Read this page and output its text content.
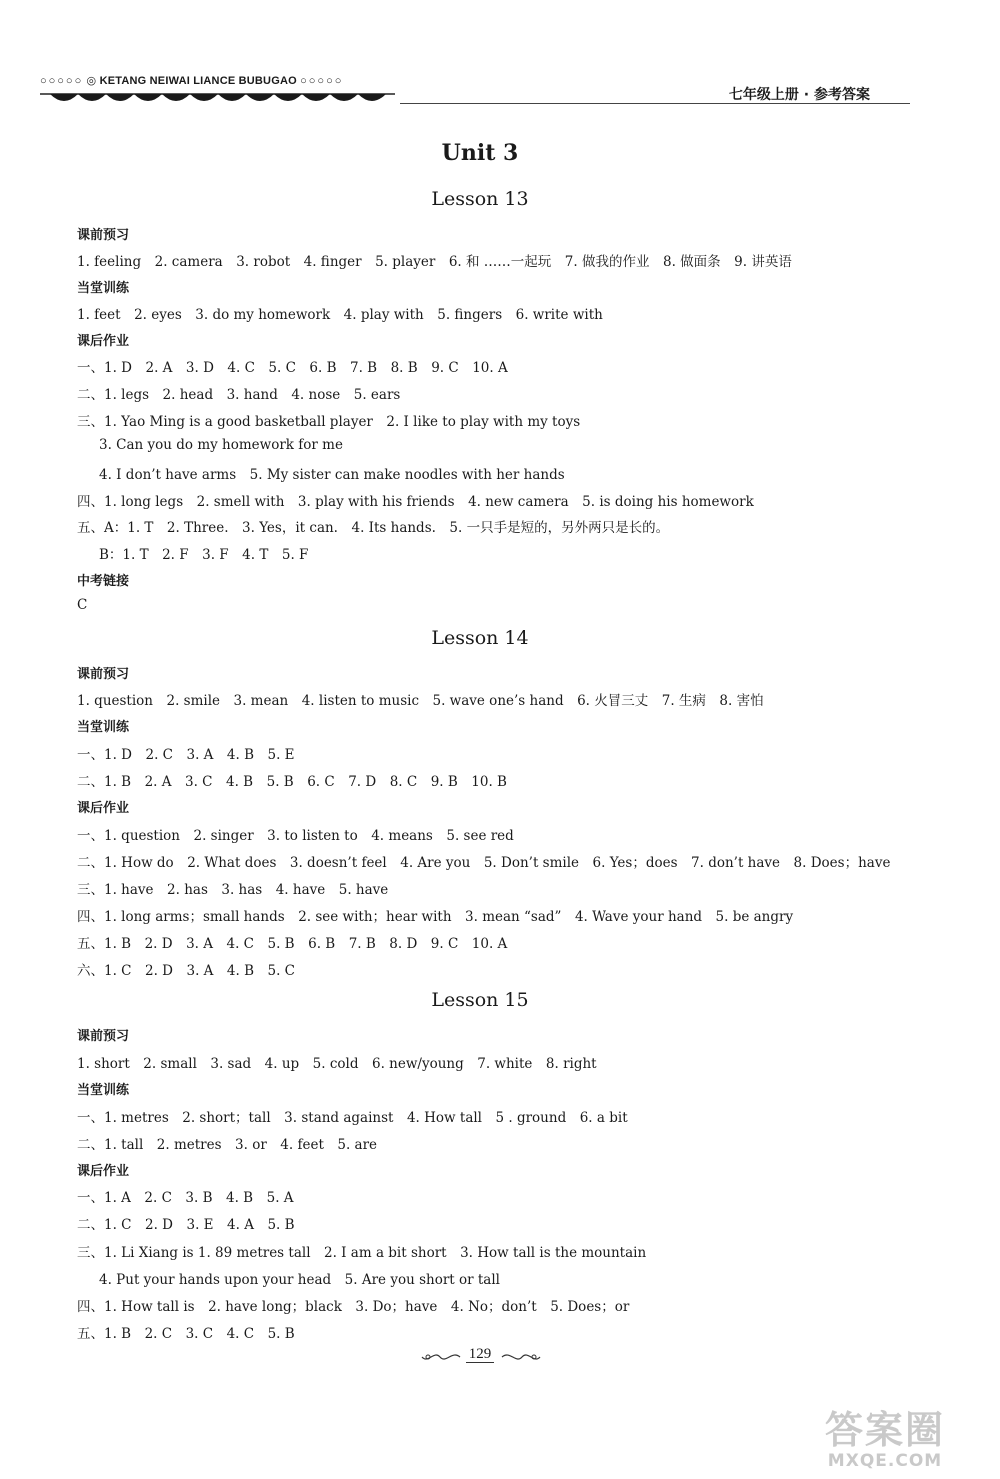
○○○○○ ◎ KETANG NEIWAI LIANCE BUBUGAO ○○○○○
七年级上册 · 参考答案
Unit 3
Lesson 13
课前预习
1. feeling　2. camera　3. robot　4. finger　5. player　6. 和 ……一起玩　7. 做我的作业　8. 做面条　9. 讲英语
当堂训练
1. feet　2. eyes　3. do my homework　4. play with　5. fingers　6. write with
课后作业
一、1. D　2. A　3. D　4. C　5. C　6. B　7. B　8. B　9. C　10. A
二、1. legs　2. head　3. hand　4. nose　5. ears
三、1. Yao Ming is a good basketball player　2. I like to play with my toys
3. Can you do my homework for me
4. I don’t have arms　5. My sister can make noodles with her hands
四、1. long legs　2. smell with　3. play with his friends　4. new camera　5. is doing his homework
五、A：1. T　2. Three.　3. Yes，it can.　4. Its hands.　5. 一只手是短的，另外两只是长的。
B：1. T　2. F　3. F　4. T　5. F
中考链接
C
Lesson 14
课前预习
1. question　2. smile　3. mean　4. listen to music　5. wave one’s hand　6. 火冒三丈　7. 生病　8. 害怕
当堂训练
一、1. D　2. C　3. A　4. B　5. E
二、1. B　2. A　3. C　4. B　5. B　6. C　7. D　8. C　9. B　10. B
课后作业
一、1. question　2. singer　3. to listen to　4. means　5. see red
二、1. How do　2. What does　3. doesn’t feel　4. Are you　5. Don’t smile　6. Yes；does　7. don’t have　8. Does；have
三、1. have　2. has　3. has　4. have　5. have
四、1. long arms；small hands　2. see with；hear with　3. mean “sad”　4. Wave your hand　5. be angry
五、1. B　2. D　3. A　4. C　5. B　6. B　7. B　8. D　9. C　10. A
六、1. C　2. D　3. A　4. B　5. C
Lesson 15
课前预习
1. short　2. small　3. sad　4. up　5. cold　6. new/young　7. white　8. right
当堂训练
一、1. metres　2. short；tall　3. stand against　4. How tall　5 . ground　6. a bit
二、1. tall　2. metres　3. or　4. feet　5. are
课后作业
一、1. A　2. C　3. B　4. B　5. A
二、1. C　2. D　3. E　4. A　5. B
三、1. Li Xiang is 1. 89 metres tall　2. I am a bit short　3. How tall is the mountain
4. Put your hands upon your head　5. Are you short or tall
四、1. How tall is　2. have long；black　3. Do；have　4. No；don’t　5. Does；or
五、1. B　2. C　3. C　4. C　5. B
129
答案圈
MXQE.COM
